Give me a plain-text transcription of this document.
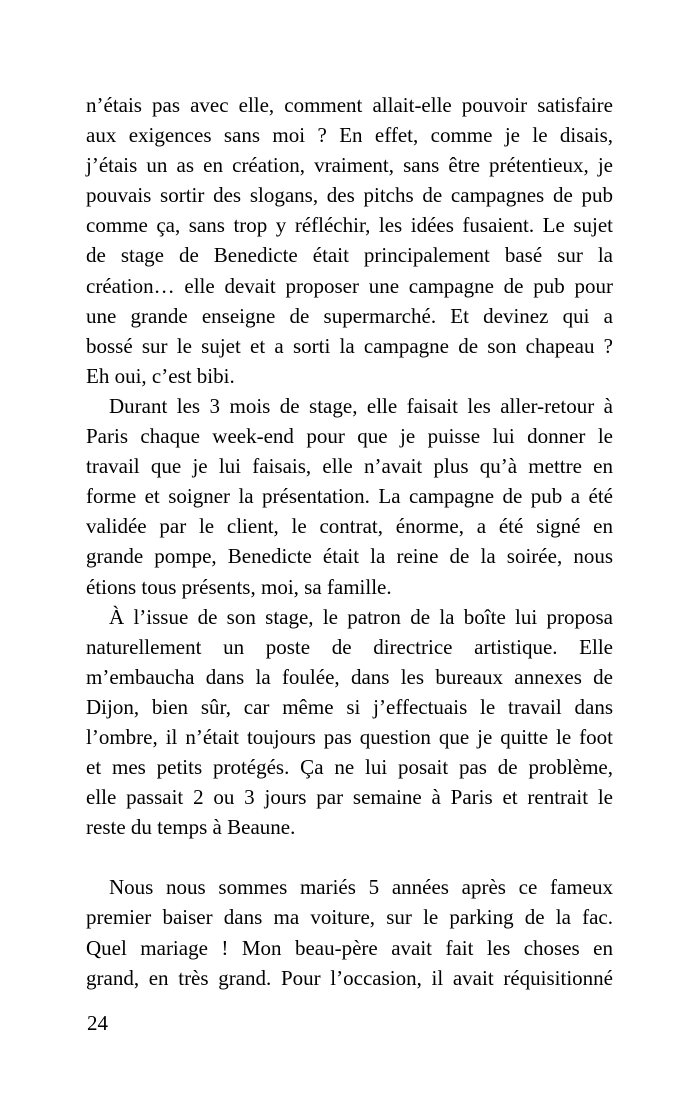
n’étais pas avec elle, comment allait-elle pouvoir satisfaire
aux exigences sans moi ? En effet, comme je le disais,
j’étais un as en création, vraiment, sans être prétentieux, je
pouvais sortir des slogans, des pitchs de campagnes de pub
comme ça, sans trop y réfléchir, les idées fusaient. Le sujet
de stage de Benedicte était principalement basé sur la
création… elle devait proposer une campagne de pub pour
une grande enseigne de supermarché. Et devinez qui a
bossé sur le sujet et a sorti la campagne de son chapeau ?
Eh oui, c’est bibi.
Durant les 3 mois de stage, elle faisait les aller-retour à
Paris chaque week-end pour que je puisse lui donner le
travail que je lui faisais, elle n’avait plus qu’à mettre en
forme et soigner la présentation. La campagne de pub a été
validée par le client, le contrat, énorme, a été signé en
grande pompe, Benedicte était la reine de la soirée, nous
étions tous présents, moi, sa famille.
À l’issue de son stage, le patron de la boîte lui proposa
naturellement un poste de directrice artistique. Elle
m’embaucha dans la foulée, dans les bureaux annexes de
Dijon, bien sûr, car même si j’effectuais le travail dans
l’ombre, il n’était toujours pas question que je quitte le foot
et mes petits protégés. Ça ne lui posait pas de problème,
elle passait 2 ou 3 jours par semaine à Paris et rentrait le
reste du temps à Beaune.
Nous nous sommes mariés 5 années après ce fameux
premier baiser dans ma voiture, sur le parking de la fac.
Quel mariage ! Mon beau-père avait fait les choses en
grand, en très grand. Pour l’occasion, il avait réquisitionné
24
